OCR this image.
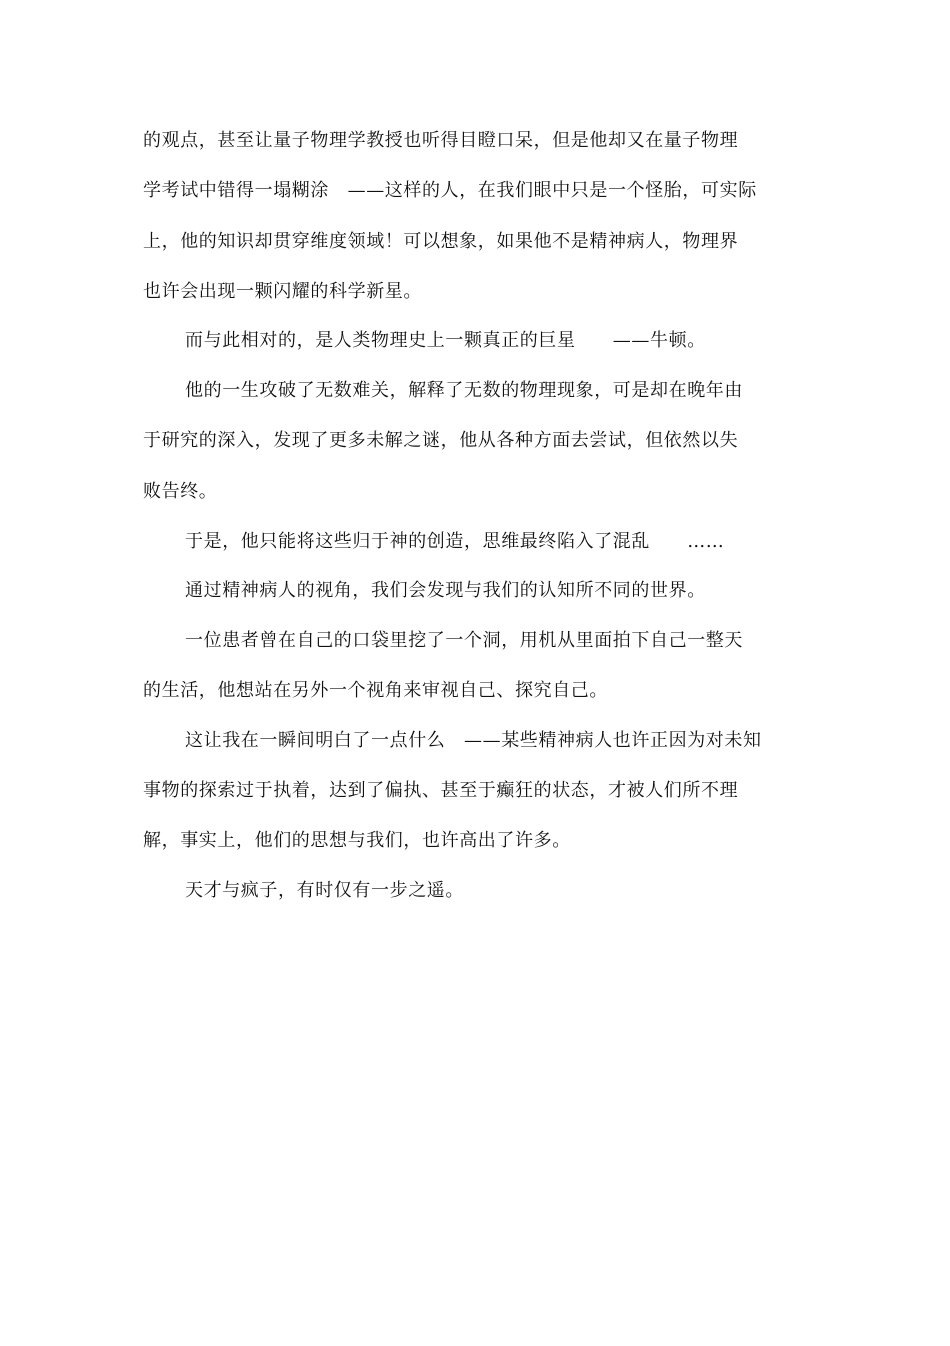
的观点，甚至让量子物理学教授也听得目瞪口呆，但是他却又在量子物理
学考试中错得一塌糊涂　——这样的人，在我们眼中只是一个怪胎，可实际
上，他的知识却贯穿维度领域！可以想象，如果他不是精神病人，物理界
也许会出现一颗闪耀的科学新星。
而与此相对的，是人类物理史上一颗真正的巨星　　——牛顿。
他的一生攻破了无数难关，解释了无数的物理现象，可是却在晚年由
于研究的深入，发现了更多未解之谜，他从各种方面去尝试，但依然以失
败告终。
于是，他只能将这些归于神的创造，思维最终陷入了混乱　　……
通过精神病人的视角，我们会发现与我们的认知所不同的世界。
一位患者曾在自己的口袋里挖了一个洞，用机从里面拍下自己一整天
的生活，他想站在另外一个视角来审视自己、探究自己。
这让我在一瞬间明白了一点什么　——某些精神病人也许正因为对未知
事物的探索过于执着，达到了偏执、甚至于癫狂的状态，才被人们所不理
解，事实上，他们的思想与我们，也许高出了许多。
天才与疯子，有时仅有一步之遥。
